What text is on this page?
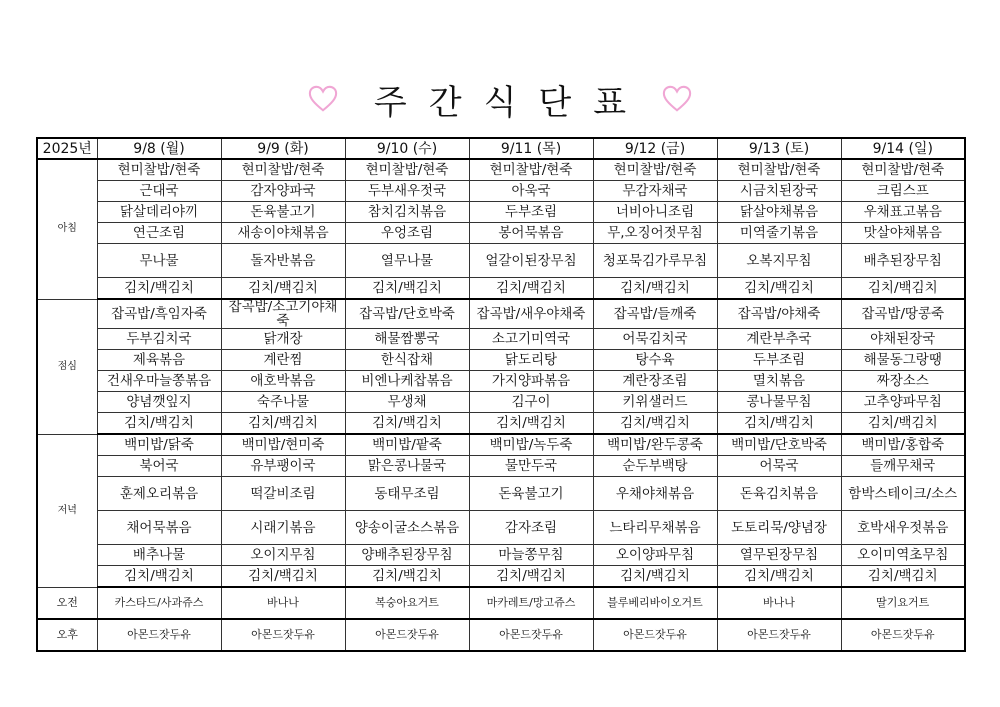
주간식단표
2025년	9/8 (월)	9/9 (화)	9/10 (수)	9/11 (목)	9/12 (금)	9/13 (토)	9/14 (일)
아침	현미찰밥/현죽	현미찰밥/현죽	현미찰밥/현죽	현미찰밥/현죽	현미찰밥/현죽	현미찰밥/현죽	현미찰밥/현죽
	근대국	감자양파국	두부새우젓국	아욱국	무감자채국	시금치된장국	크림스프
	닭살데리야끼	돈육불고기	참치김치볶음	두부조림	너비아니조림	닭살야채볶음	우채표고볶음
	연근조림	새송이야채볶음	우엉조림	봉어묵볶음	무,오징어젓무침	미역줄기볶음	맛살야채볶음
	무나물	돌자반볶음	열무나물	얼갈이된장무침	청포묵김가루무침	오복지무침	배추된장무침
	김치/백김치	김치/백김치	김치/백김치	김치/백김치	김치/백김치	김치/백김치	김치/백김치
점심	잡곡밥/흑임자죽	잡곡밥/소고기야채죽	잡곡밥/단호박죽	잡곡밥/새우야채죽	잡곡밥/들깨죽	잡곡밥/야채죽	잡곡밥/땅콩죽
	두부김치국	닭개장	해물짬뽕국	소고기미역국	어묵김치국	계란부추국	야채된장국
	제육볶음	계란찜	한식잡채	닭도리탕	탕수육	두부조림	해물동그랑땡
	건새우마늘쫑볶음	애호박볶음	비엔나케찹볶음	가지양파볶음	계란장조림	멸치볶음	짜장소스
	양념깻잎지	숙주나물	무생채	김구이	키위샐러드	콩나물무침	고추양파무침
	김치/백김치	김치/백김치	김치/백김치	김치/백김치	김치/백김치	김치/백김치	김치/백김치
저녁	백미밥/닭죽	백미밥/현미죽	백미밥/팥죽	백미밥/녹두죽	백미밥/완두콩죽	백미밥/단호박죽	백미밥/홍합죽
	북어국	유부팽이국	맑은콩나물국	물만두국	순두부백탕	어묵국	들깨무채국
	훈제오리볶음	떡갈비조림	동태무조림	돈육불고기	우채야채볶음	돈육김치볶음	함박스테이크/소스
	채어묵볶음	시래기볶음	양송이굴소스볶음	감자조림	느타리무채볶음	도토리묵/양념장	호박새우젓볶음
	배추나물	오이지무침	양배추된장무침	마늘쫑무침	오이양파무침	열무된장무침	오이미역초무침
	김치/백김치	김치/백김치	김치/백김치	김치/백김치	김치/백김치	김치/백김치	김치/백김치
오전	카스타드/사과쥬스	바나나	복숭아요거트	마카레트/망고쥬스	블루베리바이오거트	바나나	딸기요거트
오후	아몬드잣두유	아몬드잣두유	아몬드잣두유	아몬드잣두유	아몬드잣두유	아몬드잣두유	아몬드잣두유
